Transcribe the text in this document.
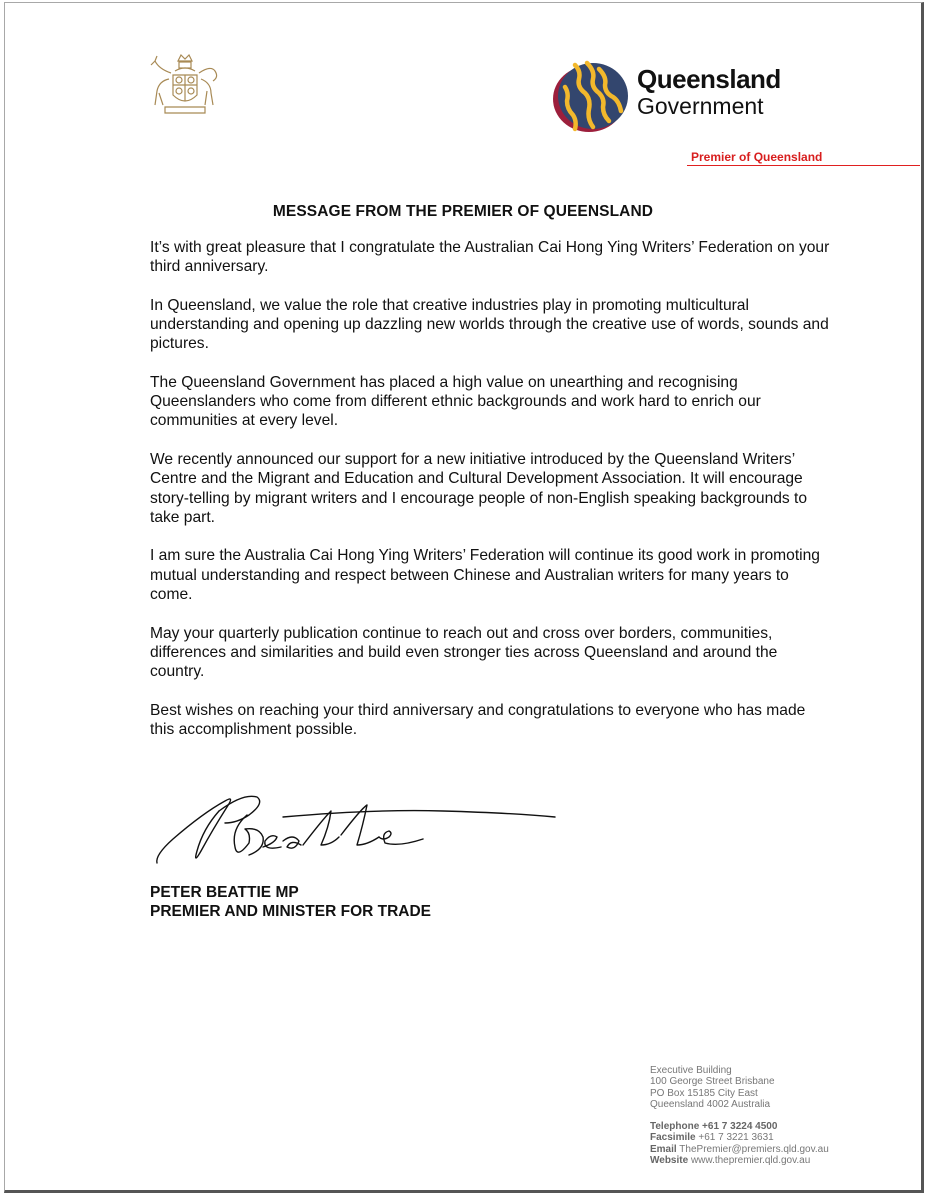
Queensland
Government
Premier of Queensland
MESSAGE FROM THE PREMIER OF QUEENSLAND

It’s with great pleasure that I congratulate the Australian Cai Hong Ying Writers’ Federation on your third anniversary.

In Queensland, we value the role that creative industries play in promoting multicultural understanding and opening up dazzling new worlds through the creative use of words, sounds and pictures.

The Queensland Government has placed a high value on unearthing and recognising Queenslanders who come from different ethnic backgrounds and work hard to enrich our communities at every level.

We recently announced our support for a new initiative introduced by the Queensland Writers’ Centre and the Migrant and Education and Cultural Development Association. It will encourage story-telling by migrant writers and I encourage people of non-English speaking backgrounds to take part.

I am sure the Australia Cai Hong Ying Writers’ Federation will continue its good work in promoting mutual understanding and respect between Chinese and Australian writers for many years to come.

May your quarterly publication continue to reach out and cross over borders, communities, differences and similarities and build even stronger ties across Queensland and around the country.

Best wishes on reaching your third anniversary and congratulations to everyone who has made this accomplishment possible.

PETER BEATTIE MP
PREMIER AND MINISTER FOR TRADE
Executive Building
100 George Street Brisbane
PO Box 15185 City East
Queensland 4002 Australia
Telephone +61 7 3224 4500
Facsimile +61 7 3221 3631
Email ThePremier@premiers.qld.gov.au
Website www.thepremier.qld.gov.au
